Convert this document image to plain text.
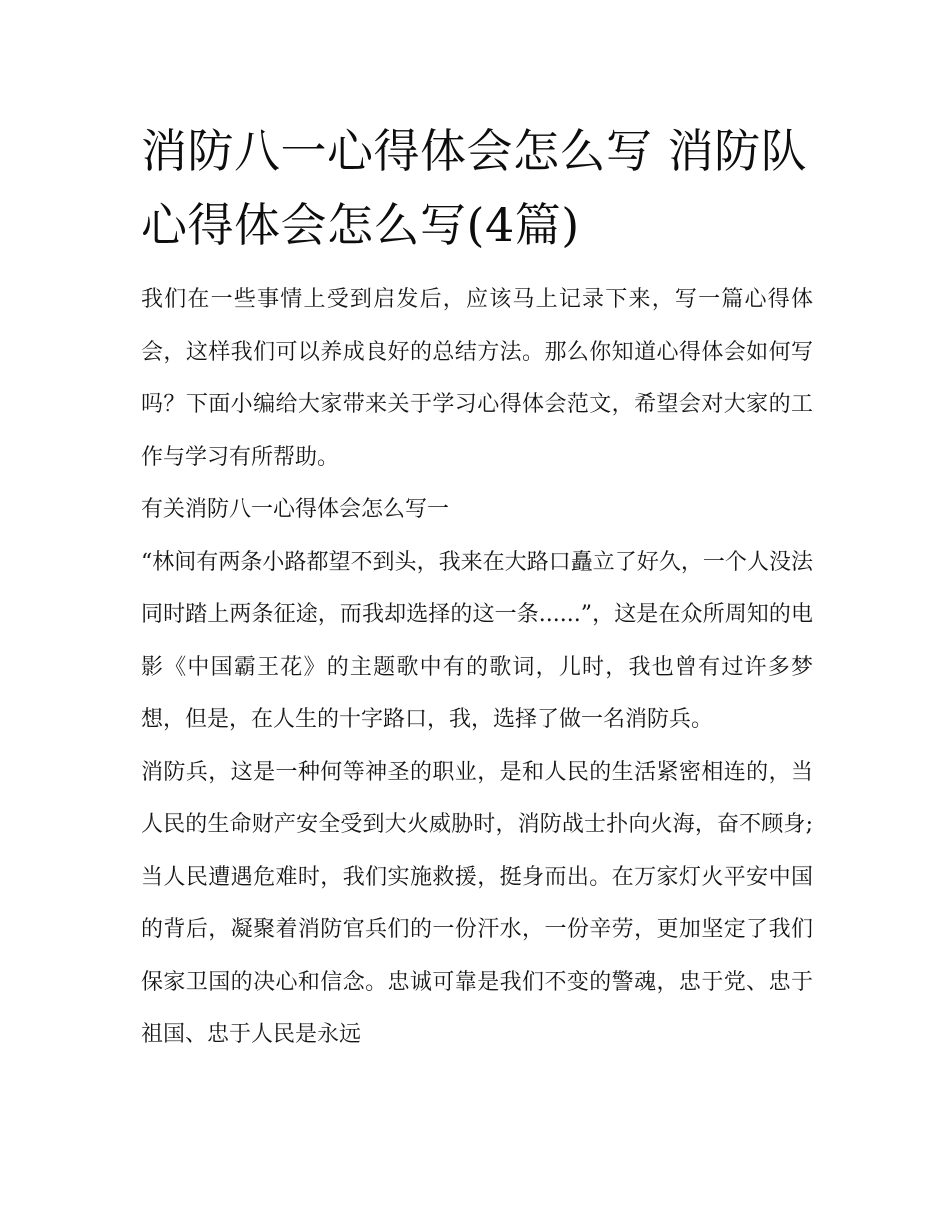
消防八一心得体会怎么写 消防队心得体会怎么写(4篇)

我们在一些事情上受到启发后，应该马上记录下来，写一篇心得体会，这样我们可以养成良好的总结方法。那么你知道心得体会如何写吗？下面小编给大家带来关于学习心得体会范文，希望会对大家的工作与学习有所帮助。

有关消防八一心得体会怎么写一

“林间有两条小路都望不到头，我来在大路口矗立了好久，一个人没法同时踏上两条征途，而我却选择的这一条......”，这是在众所周知的电影《中国霸王花》的主题歌中有的歌词，儿时，我也曾有过许多梦想，但是，在人生的十字路口，我，选择了做一名消防兵。

消防兵，这是一种何等神圣的职业，是和人民的生活紧密相连的，当人民的生命财产安全受到大火威胁时，消防战士扑向火海，奋不顾身;当人民遭遇危难时，我们实施救援，挺身而出。在万家灯火平安中国的背后，凝聚着消防官兵们的一份汗水，一份辛劳，更加坚定了我们保家卫国的决心和信念。忠诚可靠是我们不变的警魂，忠于党、忠于祖国、忠于人民是永远
